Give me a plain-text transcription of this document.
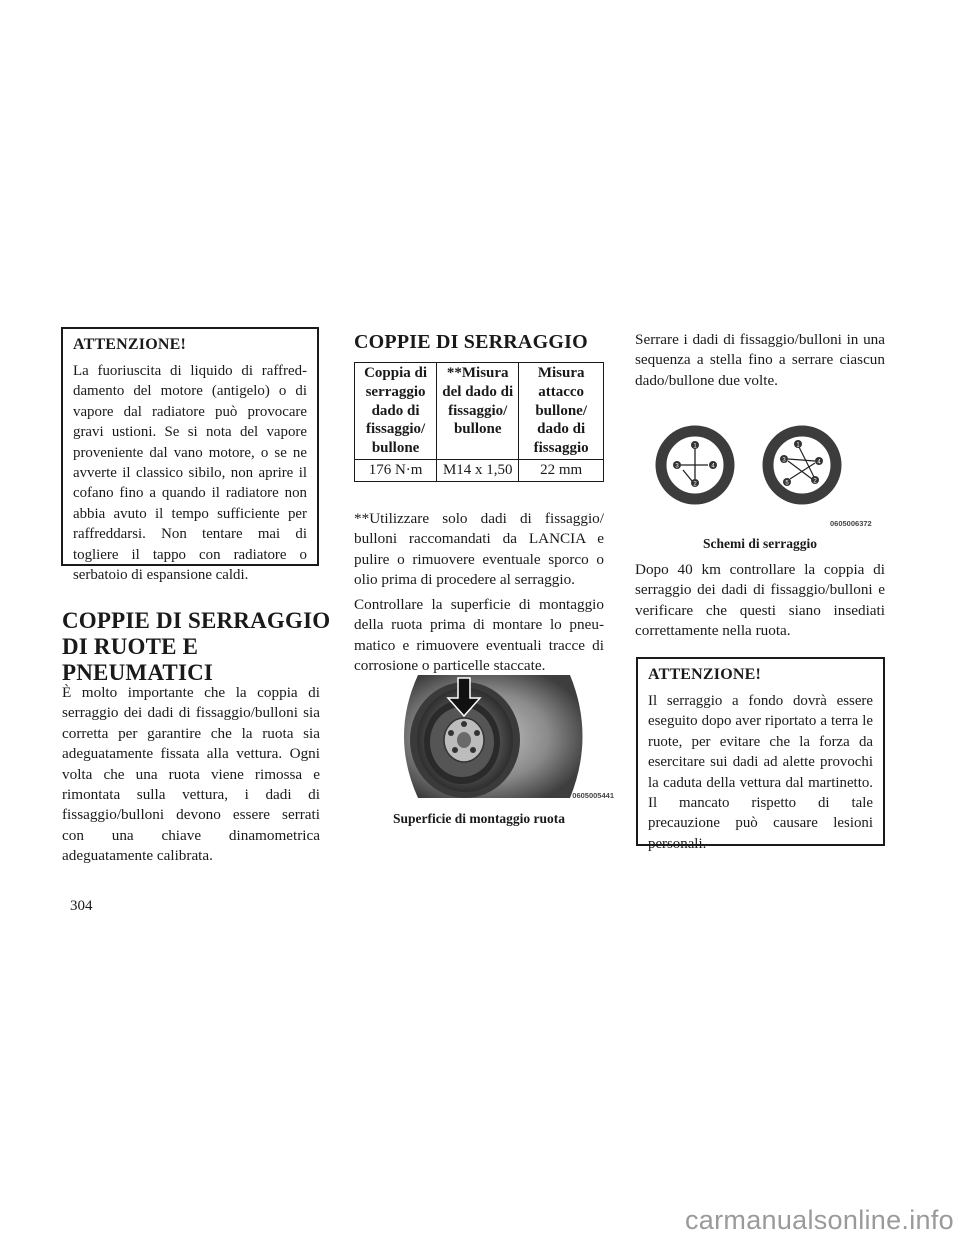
ATTENZIONE!

La fuoriuscita di liquido di raffreddamento del motore (antigelo) o di vapore dal radiatore può provocare gravi ustioni. Se si nota del vapore proveniente dal vano motore, o se ne avverte il classico sibilo, non aprire il cofano fino a quando il radiatore non abbia avuto il tempo sufficiente per raffreddarsi. Non tentare mai di togliere il tappo con radiatore o serbatoio di espansione caldi.

COPPIE DI SERRAGGIO

DI RUOTE E

PNEUMATICI

È molto importante che la coppia di serraggio dei dadi di fissaggio/bulloni sia corretta per garantire che la ruota sia adeguatamente fissata alla vettura. Ogni volta che una ruota viene rimossa e rimontata sulla vettura, i dadi di fissaggio/bulloni devono essere serrati con una chiave dinamometrica adeguatamente calibrata.

COPPIE DI SERRAGGIO

Coppia di serraggio dado di fissaggio/ bullone	**Misura del dado di fissaggio/ bullone	Misura attacco bullone/ dado di fissaggio
176 N·m	M14 x 1,50	22 mm

**Utilizzare solo dadi di fissaggio/ bulloni raccomandati da LANCIA e pulire o rimuovere eventuale sporco o olio prima di procedere al serraggio.

Controllare la superficie di montaggio della ruota prima di montare lo pneumatico e rimuovere eventuali tracce di corrosione o particelle staccate.

0605005441

Superficie di montaggio ruota

Serrare i dadi di fissaggio/bulloni in una sequenza a stella fino a serrare ciascun dado/bullone due volte.

1
2
3	4
1
2
3	4
5
0605006372

Schemi di serraggio

Dopo 40 km controllare la coppia di serraggio dei dadi di fissaggio/bulloni e verificare che questi siano insediati correttamente nella ruota.

ATTENZIONE!

Il serraggio a fondo dovrà essere eseguito dopo aver riportato a terra le ruote, per evitare che la forza da esercitare sui dadi ad alette provochi la caduta della vettura dal martinetto. Il mancato rispetto di tale precauzione può causare lesioni personali.

304
carmanualsonline.info
